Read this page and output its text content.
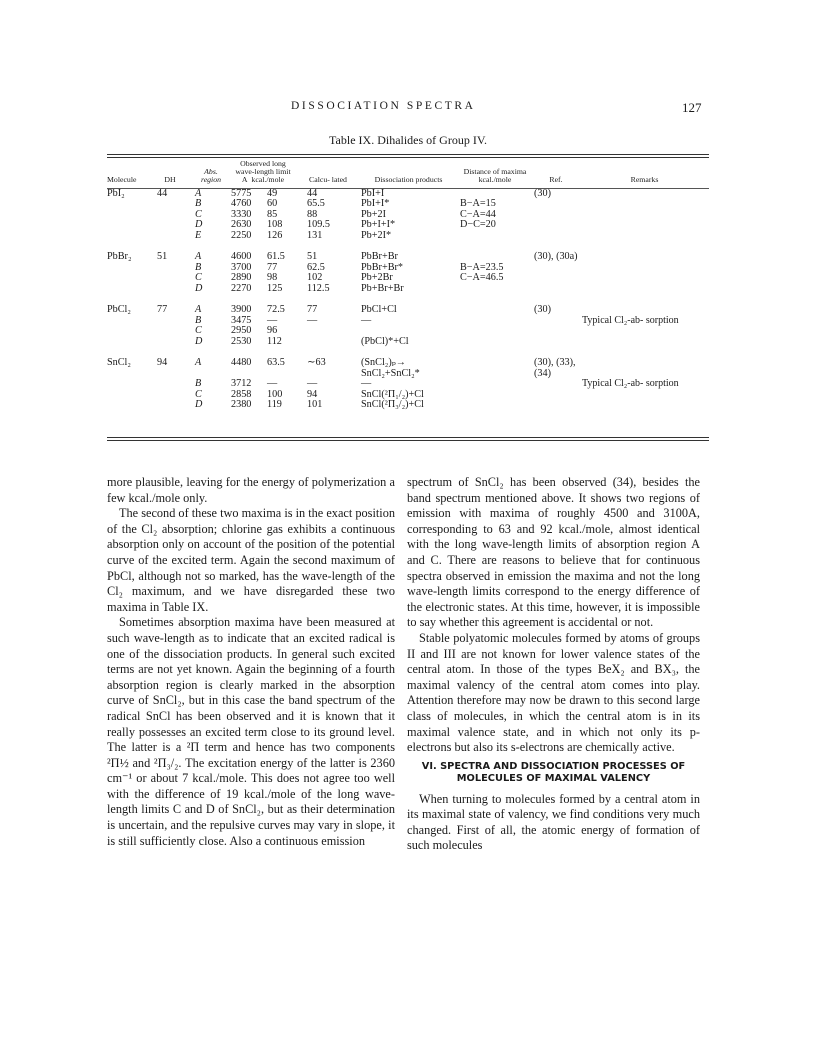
DISSOCIATION SPECTRA	127
Table IX. Dihalides of Group IV.
Molecule	DH	Abs. region	Observed long wave-length limit
A kcal./mole		Calcu- lated	Dissociation products	Distance of maxima kcal./mole	Ref.	Remarks
PbI₂	44	A	5775	49	44	PbI+I		(30)	
		B	4760	60	65.5	PbI+I*	B−A=15		
		C	3330	85	88	Pb+2I	C−A=44		
		D	2630	108	109.5	Pb+I+I*	D−C=20		
		E	2250	126	131	Pb+2I*			

PbBr₂	51	A	4600	61.5	51	PbBr+Br		(30), (30a)	
		B	3700	77	62.5	PbBr+Br*	B−A=23.5		
		C	2890	98	102	Pb+2Br	C−A=46.5		
		D	2270	125	112.5	Pb+Br+Br			

PbCl₂	77	A	3900	72.5	77	PbCl+Cl		(30)	
		B	3475	—	—	—			Typical Cl₂-ab- sorption
		C	2950	96					
		D	2530	112		(PbCl)*+Cl			

SnCl₂	94	A	4480	63.5	∼63	(SnCl₂)ₚ→		(30), (33),	
						SnCl₂+SnCl₂*		(34)	
		B	3712	—	—	—			Typical Cl₂-ab- sorption
		C	2858	100	94	SnCl(²Π₁/₂)+Cl			
		D	2380	119	101	SnCl(²Π₃/₂)+Cl			

more plausible, leaving for the energy of polymerization a few kcal./mole only.

The second of these two maxima is in the exact position of the Cl₂ absorption; chlorine gas exhibits a continuous absorption only on account of the position of the potential curve of the excited term. Again the second maximum of PbCl, although not so marked, has the wave-length of the Cl₂ maximum, and we have disregarded these two maxima in Table IX.

Sometimes absorption maxima have been measured at such wave-length as to indicate that an excited radical is one of the dissociation products. In general such excited terms are not yet known. Again the beginning of a fourth absorption region is clearly marked in the absorption curve of SnCl₂, but in this case the band spectrum of the radical SnCl has been observed and it is known that it really possesses an excited term close to its ground level. The latter is a ²Π term and hence has two components ²Π½ and ²Π₃/₂. The excitation energy of the latter is 2360 cm⁻¹ or about 7 kcal./mole. This does not agree too well with the difference of 19 kcal./mole of the long wave-length limits C and D of SnCl₂, but as their determination is uncertain, and the repulsive curves may vary in slope, it is still sufficiently close. Also a continuous emission

spectrum of SnCl₂ has been observed (34), besides the band spectrum mentioned above. It shows two regions of emission with maxima of roughly 4500 and 3100A, corresponding to 63 and 92 kcal./mole, almost identical with the long wave-length limits of absorption region A and C. There are reasons to believe that for continuous spectra observed in emission the maxima and not the long wave-length limits correspond to the energy difference of the electronic states. At this time, however, it is impossible to say whether this agreement is accidental or not.

Stable polyatomic molecules formed by atoms of groups II and III are not known for lower valence states of the central atom. In those of the types BeX₂ and BX₃, the maximal valency of the central atom comes into play. Attention therefore may now be drawn to this second large class of molecules, in which the central atom is in its maximal valence state, and in which not only its p-electrons but also its s-electrons are chemically active.

VI. SPECTRA AND DISSOCIATION PROCESSES OF MOLECULES OF MAXIMAL VALENCY

When turning to molecules formed by a central atom in its maximal state of valency, we find conditions very much changed. First of all, the atomic energy of formation of such molecules
